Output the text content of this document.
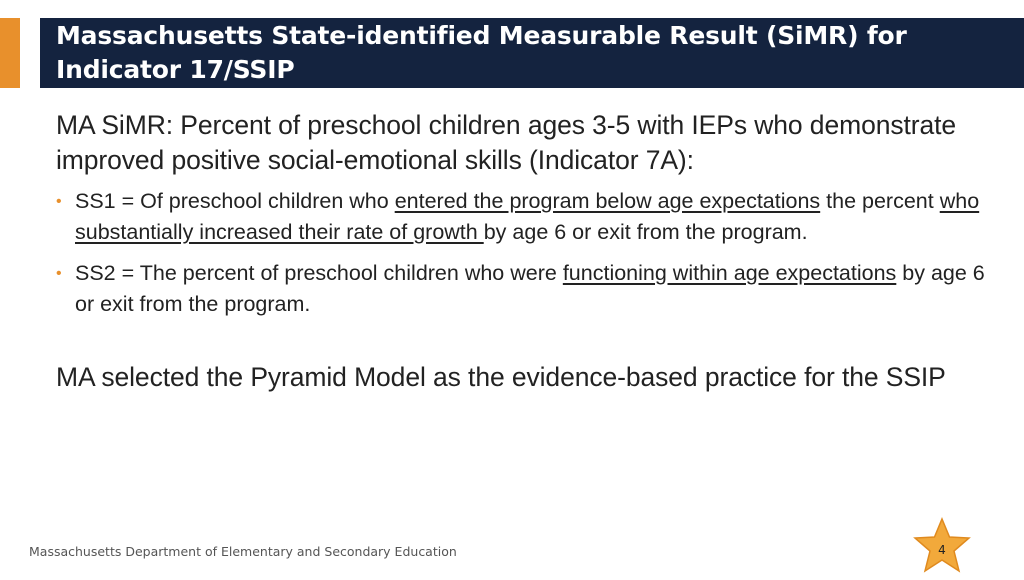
Massachusetts State-identified Measurable Result (SiMR) for Indicator 17/SSIP

MA SiMR: Percent of preschool children ages 3-5 with IEPs who demonstrate improved positive social-emotional skills (Indicator 7A):

• SS1 = Of preschool children who entered the program below age expectations the percent who substantially increased their rate of growth by age 6 or exit from the program.
• SS2 = The percent of preschool children who were functioning within age expectations by age 6 or exit from the program.

MA selected the Pyramid Model as the evidence-based practice for the SSIP

Massachusetts Department of Elementary and Secondary Education	4
